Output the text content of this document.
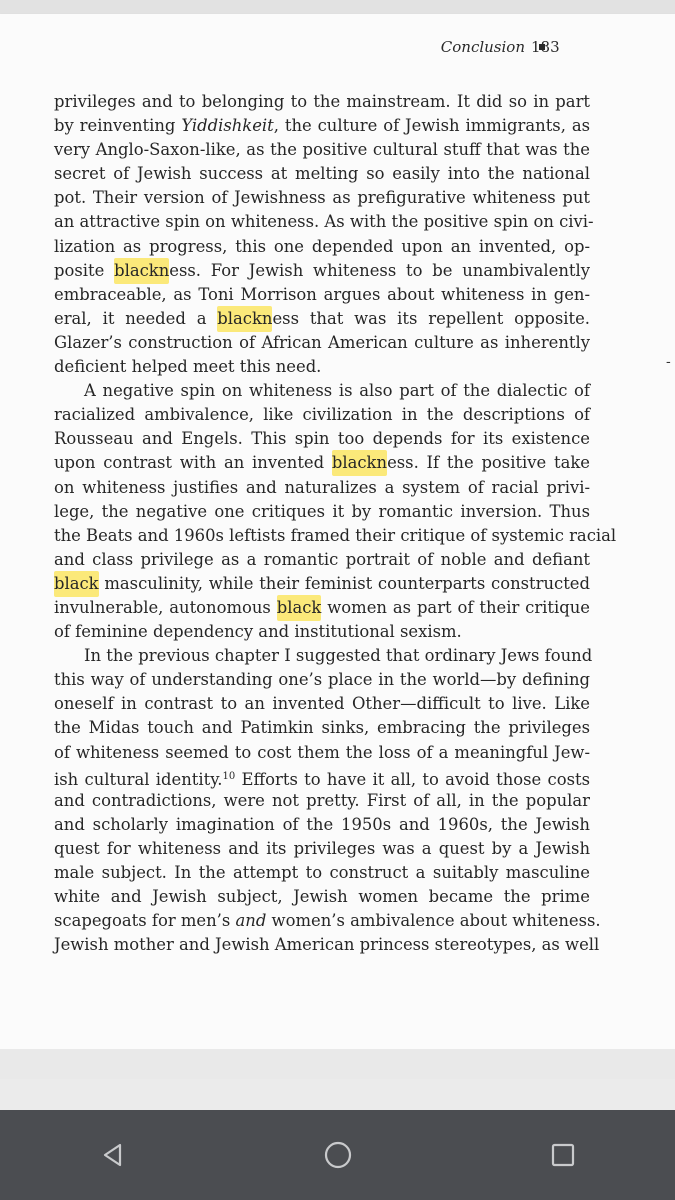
Conclusion 183
privileges and to belonging to the mainstream. It did so in part
by reinventing Yiddishkeit, the culture of Jewish immigrants, as
very Anglo-Saxon-like, as the positive cultural stuff that was the
secret of Jewish success at melting so easily into the national
pot. Their version of Jewishness as prefigurative whiteness put
an attractive spin on whiteness. As with the positive spin on civi-
lization as progress, this one depended upon an invented, op-
posite blackness. For Jewish whiteness to be unambivalently
embraceable, as Toni Morrison argues about whiteness in gen-
eral, it needed a blackness that was its repellent opposite.
Glazer’s construction of African American culture as inherently
deficient helped meet this need.
A negative spin on whiteness is also part of the dialectic of
racialized ambivalence, like civilization in the descriptions of
Rousseau and Engels. This spin too depends for its existence
upon contrast with an invented blackness. If the positive take
on whiteness justifies and naturalizes a system of racial privi-
lege, the negative one critiques it by romantic inversion. Thus
the Beats and 1960s leftists framed their critique of systemic racial
and class privilege as a romantic portrait of noble and defiant
black masculinity, while their feminist counterparts constructed
invulnerable, autonomous black women as part of their critique
of feminine dependency and institutional sexism.
In the previous chapter I suggested that ordinary Jews found
this way of understanding one’s place in the world—by defining
oneself in contrast to an invented Other—difficult to live. Like
the Midas touch and Patimkin sinks, embracing the privileges
of whiteness seemed to cost them the loss of a meaningful Jew-
ish cultural identity.$^{10}$ Efforts to have it all, to avoid those costs
and contradictions, were not pretty. First of all, in the popular
and scholarly imagination of the 1950s and 1960s, the Jewish
quest for whiteness and its privileges was a quest by a Jewish
male subject. In the attempt to construct a suitably masculine
white and Jewish subject, Jewish women became the prime
scapegoats for men’s and women’s ambivalence about whiteness.
Jewish mother and Jewish American princess stereotypes, as well
-
